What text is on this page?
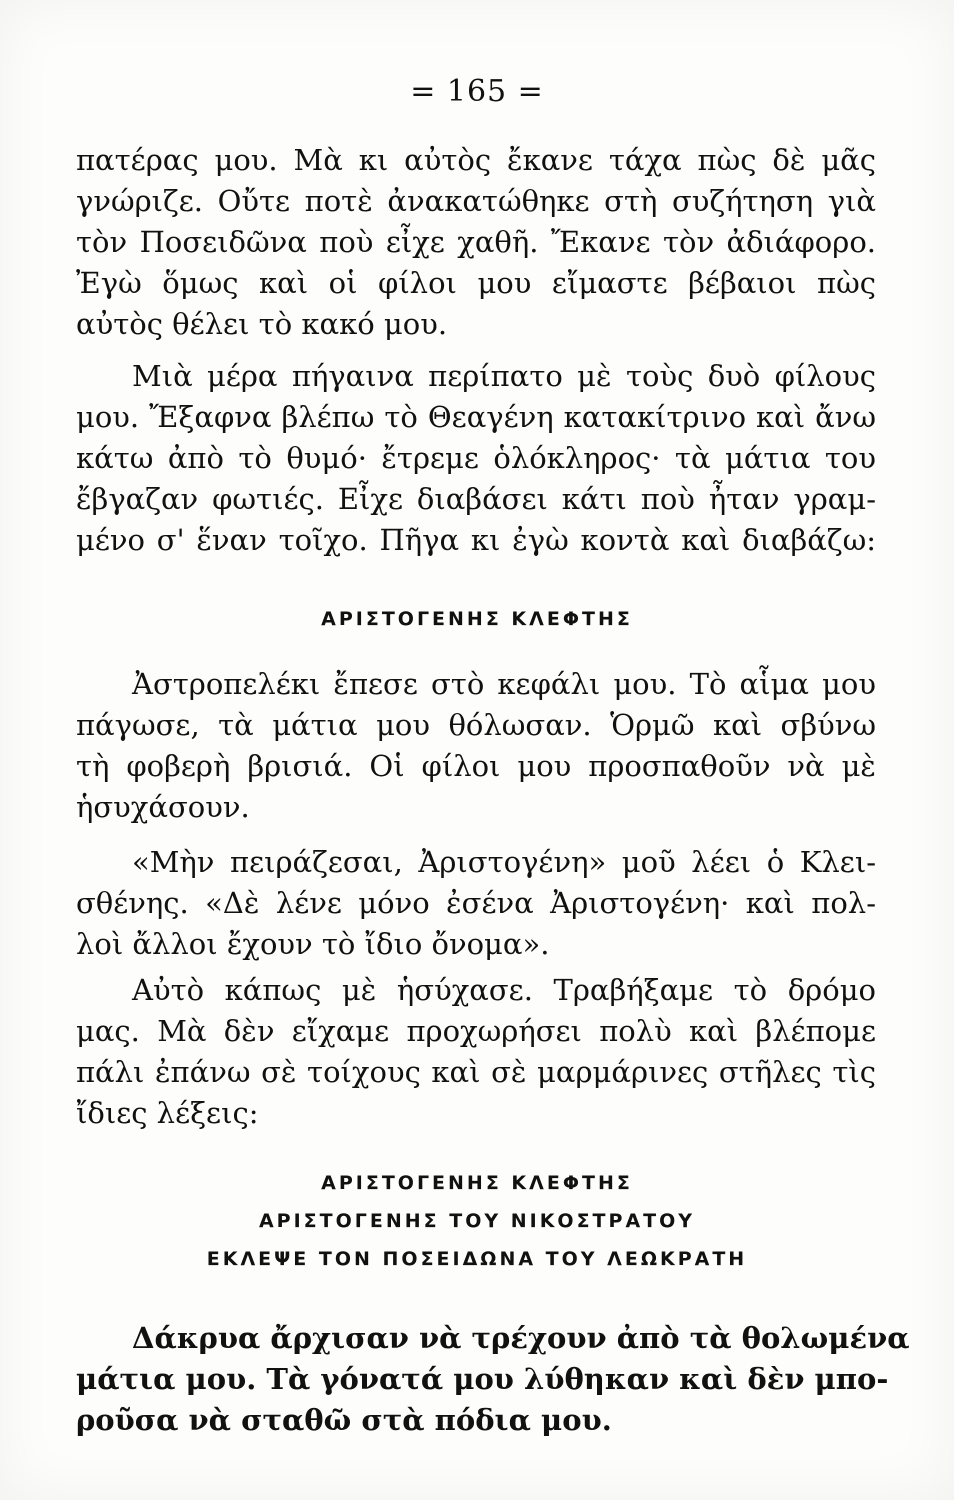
= 165 =

πατέρας μου. Μὰ κι αὐτὸς ἔκανε τάχα πὼς δὲ μᾶς
γνώριζε. Οὔτε ποτὲ ἀνακατώθηκε στὴ συζήτηση γιὰ
τὸν Ποσειδῶνα ποὺ εἶχε χαθῆ. Ἔκανε τὸν ἀδιάφορο.
Ἐγὼ ὅμως καὶ οἱ φίλοι μου εἴμαστε βέβαιοι πὼς
αὐτὸς θέλει τὸ κακό μου.

Μιὰ μέρα πήγαινα περίπατο μὲ τοὺς δυὸ φίλους
μου. Ἔξαφνα βλέπω τὸ Θεαγένη κατακίτρινο καὶ ἄνω
κάτω ἀπὸ τὸ θυμό· ἔτρεμε ὁλόκληρος· τὰ μάτια του
ἔβγαζαν φωτιές. Εἶχε διαβάσει κάτι ποὺ ἦταν γραμ-
μένο σ' ἕναν τοῖχο. Πῆγα κι ἐγὼ κοντὰ καὶ διαβάζω:

ΑΡΙΣΤΟΓΕΝΗΣ ΚΛΕΦΤΗΣ

Ἀστροπελέκι ἔπεσε στὸ κεφάλι μου. Τὸ αἷμα μου
πάγωσε, τὰ μάτια μου θόλωσαν. Ὁρμῶ καὶ σβύνω
τὴ φοβερὴ βρισιά. Οἱ φίλοι μου προσπαθοῦν νὰ μὲ
ἡσυχάσουν.

«Μὴν πειράζεσαι, Ἀριστογένη» μοῦ λέει ὁ Κλει-
σθένης. «Δὲ λένε μόνο ἐσένα Ἀριστογένη· καὶ πολ-
λοὶ ἄλλοι ἔχουν τὸ ἴδιο ὄνομα».

Αὐτὸ κάπως μὲ ἡσύχασε. Τραβήξαμε τὸ δρόμο
μας. Μὰ δὲν εἴχαμε προχωρήσει πολὺ καὶ βλέπομε
πάλι ἐπάνω σὲ τοίχους καὶ σὲ μαρμάρινες στῆλες τὶς
ἴδιες λέξεις:

ΑΡΙΣΤΟΓΕΝΗΣ ΚΛΕΦΤΗΣ
ΑΡΙΣΤΟΓΕΝΗΣ ΤΟΥ ΝΙΚΟΣΤΡΑΤΟΥ
ΕΚΛΕΨΕ ΤΟΝ ΠΟΣΕΙΔΩΝΑ ΤΟΥ ΛΕΩΚΡΑΤΗ

Δάκρυα ἄρχισαν νὰ τρέχουν ἀπὸ τὰ θολωμένα
μάτια μου. Τὰ γόνατά μου λύθηκαν καὶ δὲν μπο-
ροῦσα νὰ σταθῶ στὰ πόδια μου.
